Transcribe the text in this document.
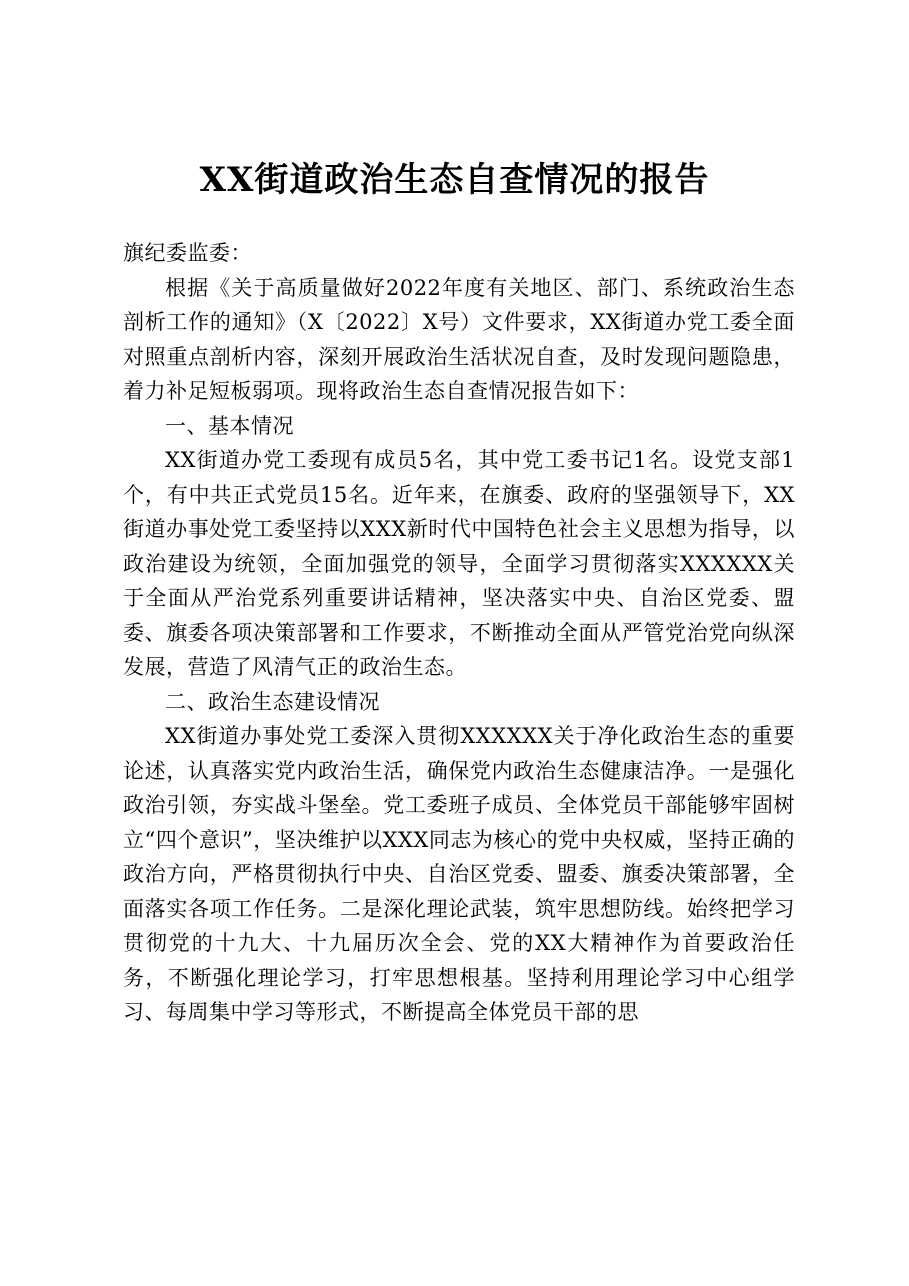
XX街道政治生态自查情况的报告

旗纪委监委：

根据《关于高质量做好2022年度有关地区、部门、系统政治生态剖析工作的通知》（X〔2022〕X号）文件要求，XX街道办党工委全面对照重点剖析内容，深刻开展政治生活状况自查，及时发现问题隐患，着力补足短板弱项。现将政治生态自查情况报告如下：

一、基本情况

XX街道办党工委现有成员5名，其中党工委书记1名。设党支部1个，有中共正式党员15名。近年来，在旗委、政府的坚强领导下，XX街道办事处党工委坚持以XXX新时代中国特色社会主义思想为指导，以政治建设为统领，全面加强党的领导，全面学习贯彻落实XXXXXX关于全面从严治党系列重要讲话精神，坚决落实中央、自治区党委、盟委、旗委各项决策部署和工作要求，不断推动全面从严管党治党向纵深发展，营造了风清气正的政治生态。

二、政治生态建设情况

XX街道办事处党工委深入贯彻XXXXXX关于净化政治生态的重要论述，认真落实党内政治生活，确保党内政治生态健康洁净。一是强化政治引领，夯实战斗堡垒。党工委班子成员、全体党员干部能够牢固树立“四个意识”，坚决维护以XXX同志为核心的党中央权威，坚持正确的政治方向，严格贯彻执行中央、自治区党委、盟委、旗委决策部署，全面落实各项工作任务。二是深化理论武装，筑牢思想防线。始终把学习贯彻党的十九大、十九届历次全会、党的XX大精神作为首要政治任务，不断强化理论学习，打牢思想根基。坚持利用理论学习中心组学习、每周集中学习等形式，不断提高全体党员干部的思
